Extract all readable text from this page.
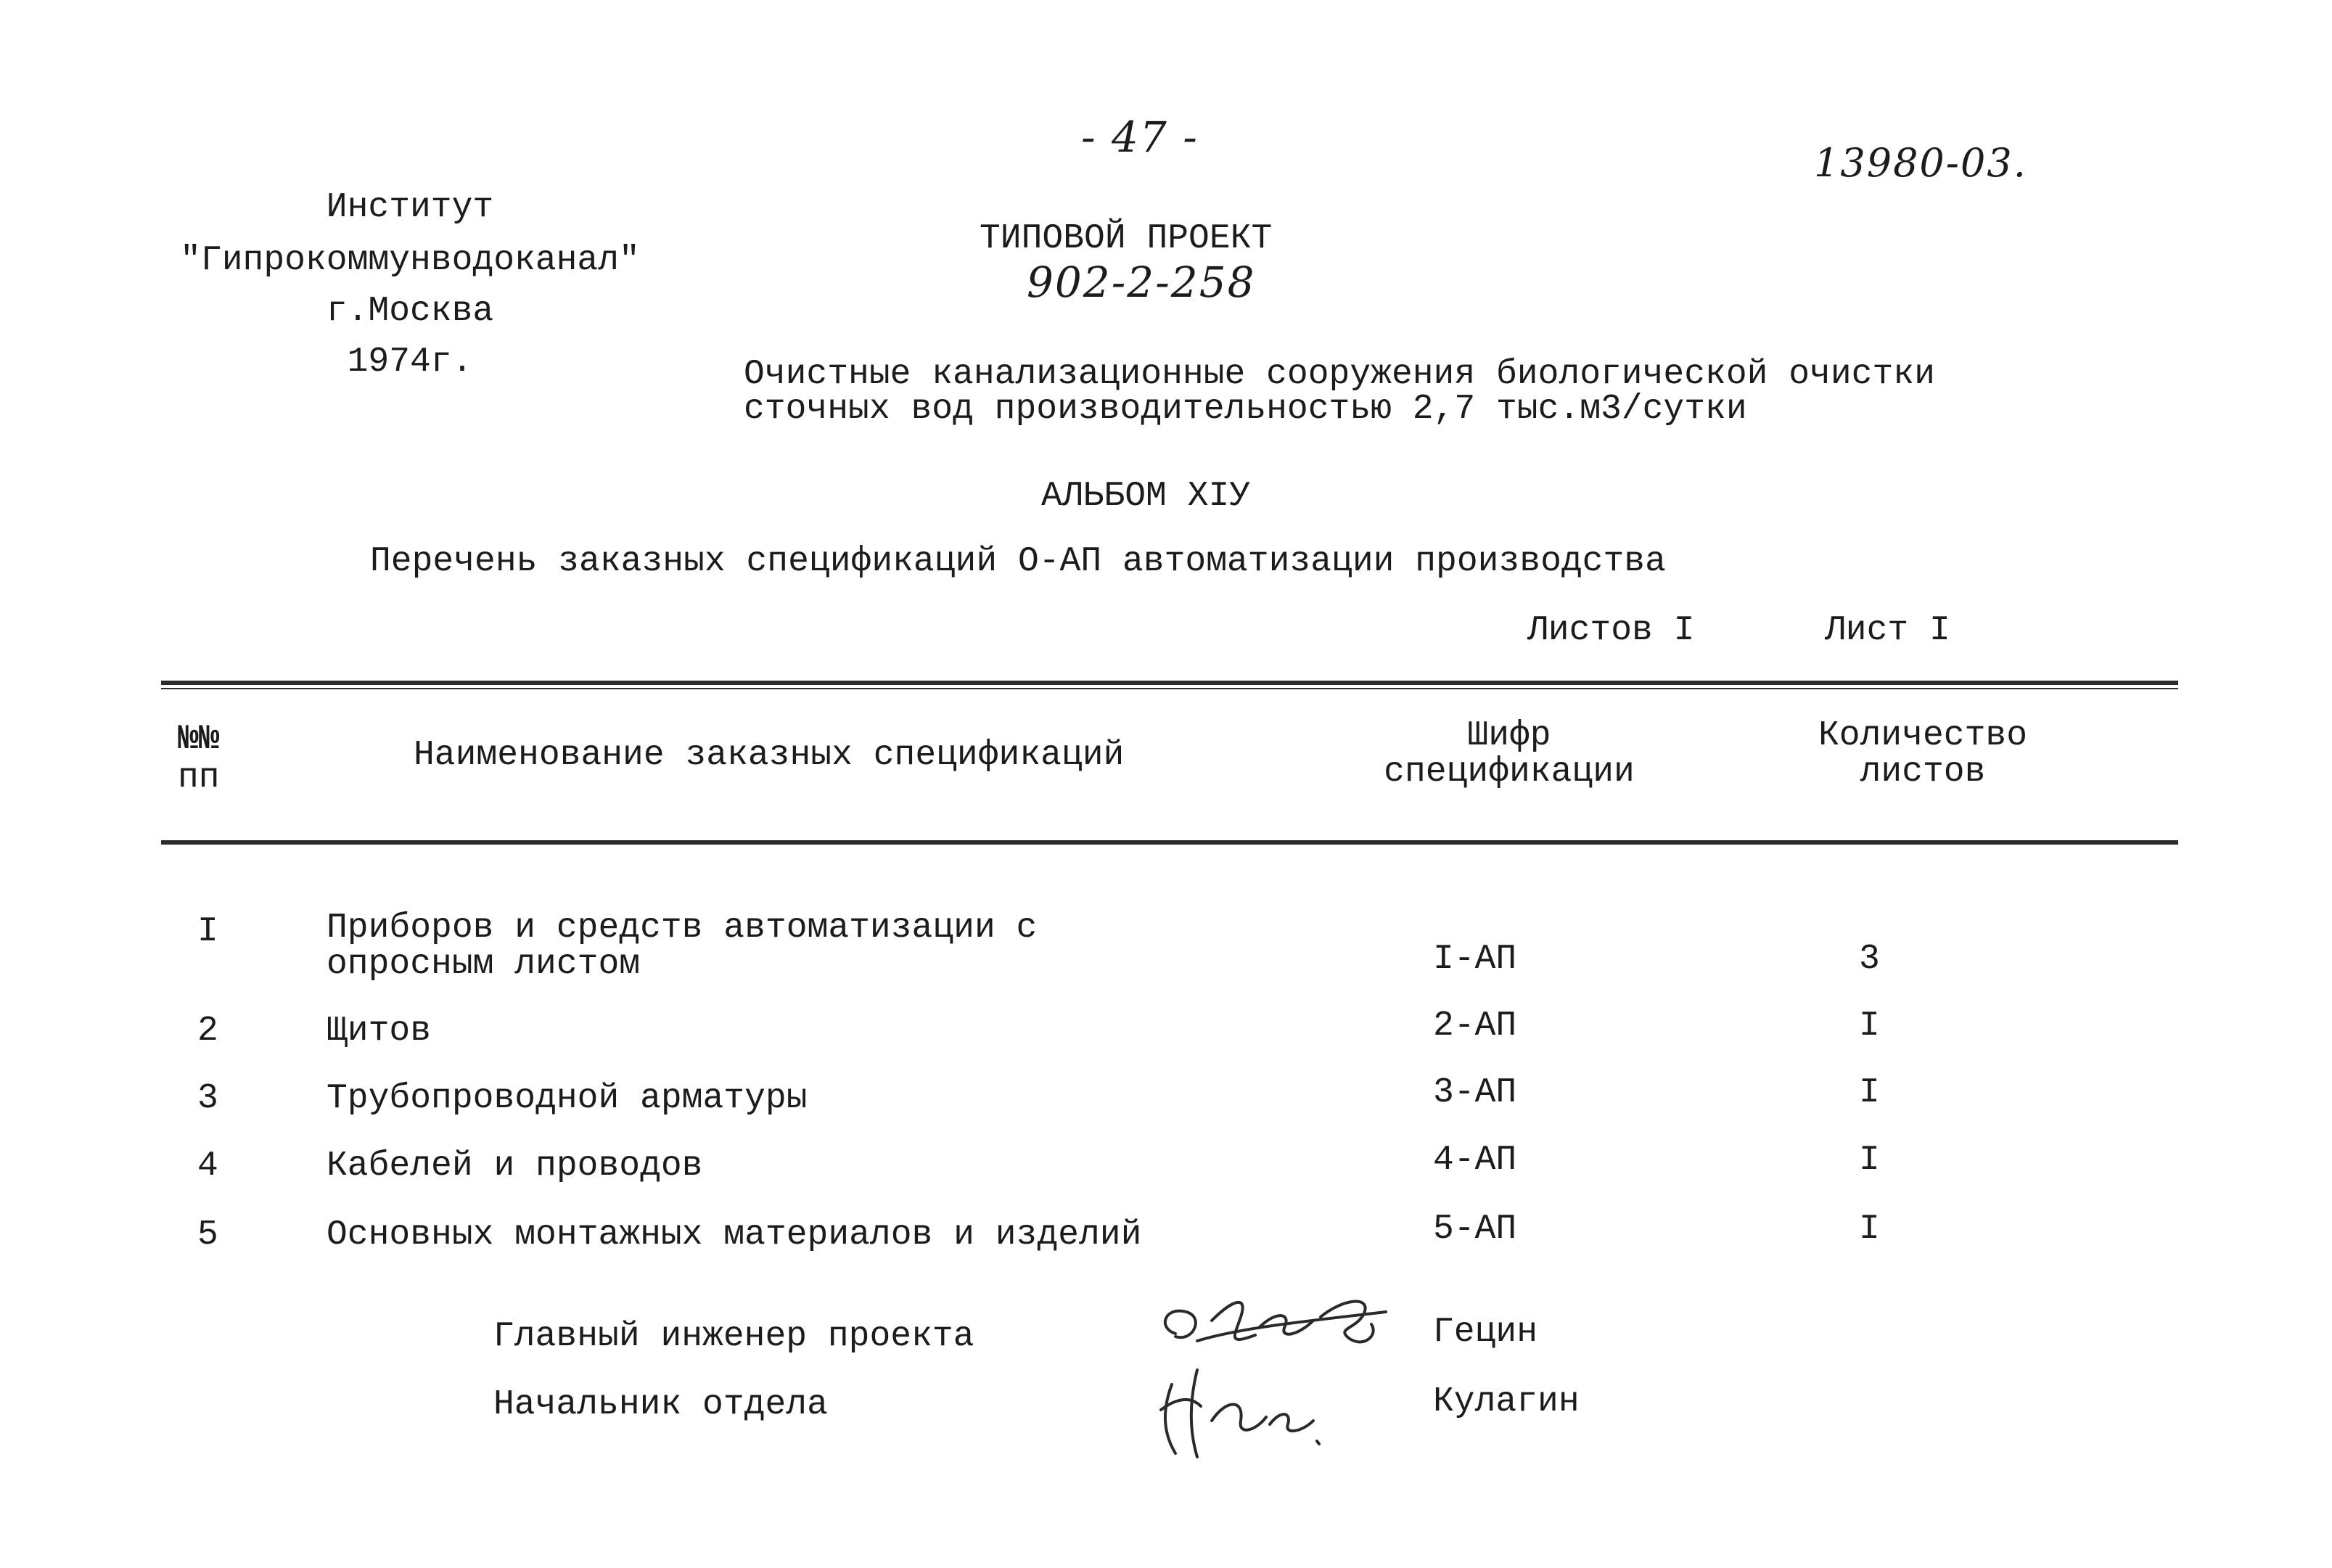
- 47 -
13980-03.
Институт
"Гипрокоммунводоканал"
г.Москва
1974г.
ТИПОВОЙ ПРОЕКТ
902-2-258
Очистные канализационные сооружения биологической очистки
сточных вод производительностью 2,7 тыс.м3/сутки
АЛЬБОМ XIУ
Перечень заказных спецификаций О-АП автоматизации производства
Листов I	Лист I
№№
пп
Наименование заказных спецификаций	Шифр
спецификации
Количество
листов
I	Приборов и средств автоматизации с
опросным листом	I-АП	3
2	Щитов	2-АП	I
3	Трубопроводной арматуры	3-АП	I
4	Кабелей и проводов	4-АП	I
5	Основных монтажных материалов и изделий	5-АП	I
Главный инженер проекта	Гецин
Начальник отдела	Кулагин
